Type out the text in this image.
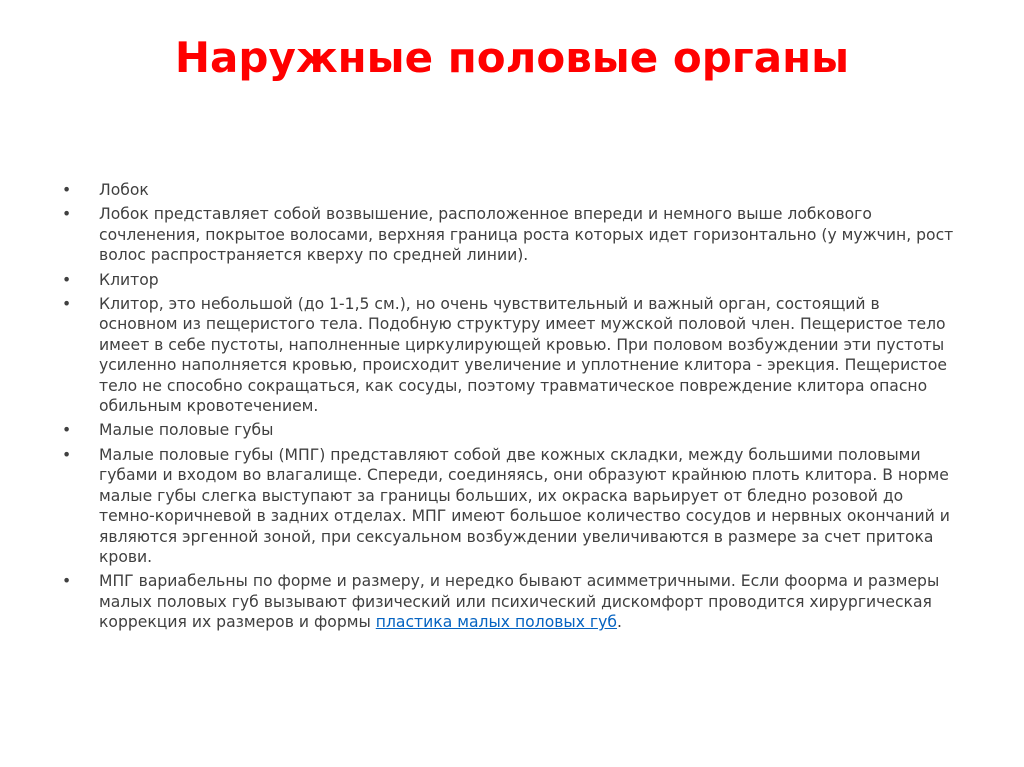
Наружные половые органы
• Лобок
• Лобок представляет собой возвышение, расположенное впереди и немного выше лобкового сочленения, покрытое волосами, верхняя граница роста которых идет горизонтально (у мужчин, рост волос распространяется кверху по средней линии).
• Клитор
• Клитор, это небольшой (до 1-1,5 см.), но очень чувствительный и важный орган, состоящий в основном из пещеристого тела. Подобную структуру имеет мужской половой член. Пещеристое тело имеет в себе пустоты, наполненные циркулирующей кровью. При половом возбуждении эти пустоты усиленно наполняется кровью, происходит увеличение и уплотнение клитора - эрекция. Пещеристое тело не способно сокращаться, как сосуды, поэтому травматическое повреждение клитора опасно обильным кровотечением.
• Малые половые губы
• Малые половые губы (МПГ) представляют собой две кожных складки, между большими половыми губами и входом во влагалище. Спереди, соединяясь, они образуют крайнюю плоть клитора. В норме малые губы слегка выступают за границы больших, их окраска варьирует от бледно розовой до темно-коричневой в задних отделах. МПГ имеют большое количество сосудов и нервных окончаний и являются эргенной зоной, при сексуальном возбуждении увеличиваются в размере за счет притока крови.
• МПГ вариабельны по форме и размеру, и нередко бывают асимметричными. Если фоорма и размеры малых половых губ вызывают физический или психический дискомфорт проводится хирургическая коррекция их размеров и формы пластика малых половых губ.
